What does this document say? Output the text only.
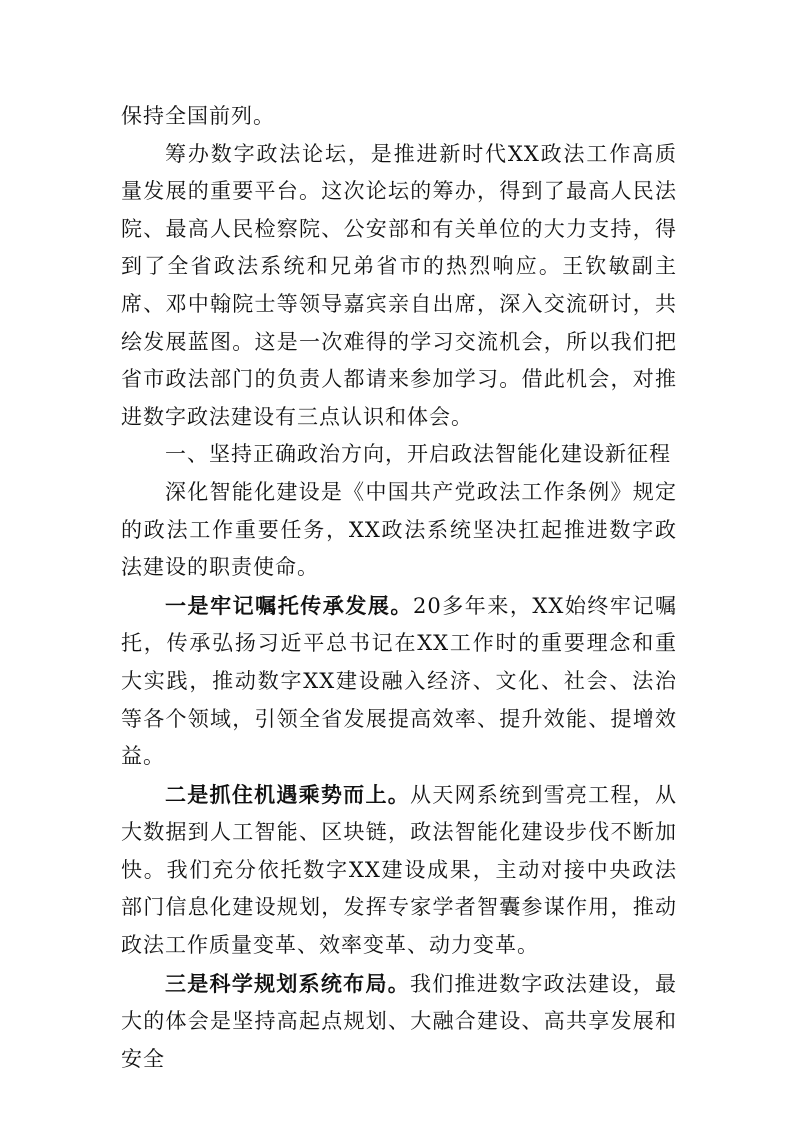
保持全国前列。

筹办数字政法论坛，是推进新时代XX政法工作高质量发展的重要平台。这次论坛的筹办，得到了最高人民法院、最高人民检察院、公安部和有关单位的大力支持，得到了全省政法系统和兄弟省市的热烈响应。王钦敏副主席、邓中翰院士等领导嘉宾亲自出席，深入交流研讨，共绘发展蓝图。这是一次难得的学习交流机会，所以我们把省市政法部门的负责人都请来参加学习。借此机会，对推进数字政法建设有三点认识和体会。

一、坚持正确政治方向，开启政法智能化建设新征程

深化智能化建设是《中国共产党政法工作条例》规定的政法工作重要任务，XX政法系统坚决扛起推进数字政法建设的职责使命。

一是牢记嘱托传承发展。20多年来，XX始终牢记嘱托，传承弘扬习近平总书记在XX工作时的重要理念和重大实践，推动数字XX建设融入经济、文化、社会、法治等各个领域，引领全省发展提高效率、提升效能、提增效益。

二是抓住机遇乘势而上。从天网系统到雪亮工程，从大数据到人工智能、区块链，政法智能化建设步伐不断加快。我们充分依托数字XX建设成果，主动对接中央政法部门信息化建设规划，发挥专家学者智囊参谋作用，推动政法工作质量变革、效率变革、动力变革。

三是科学规划系统布局。我们推进数字政法建设，最大的体会是坚持高起点规划、大融合建设、高共享发展和安全
